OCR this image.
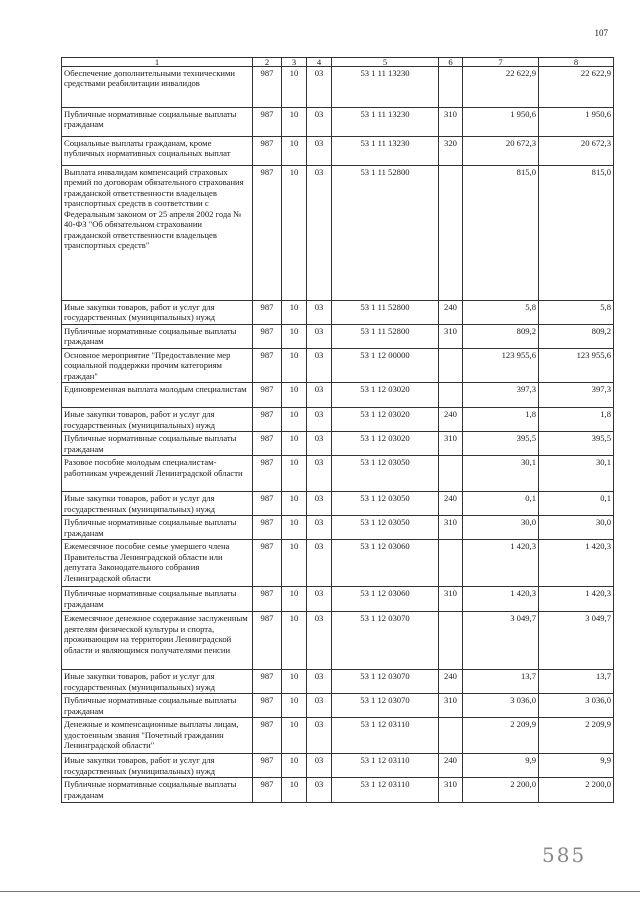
107
1	2	3	4	5	6	7	8
Обеспечение дополнительными техническими средствами реабилитации инвалидов	987	10	03	53 1 11 13230		22 622,9	22 622,9
Публичные нормативные социальные выплаты гражданам	987	10	03	53 1 11 13230	310	1 950,6	1 950,6
Социальные выплаты гражданам, кроме публичных нормативных социальных выплат	987	10	03	53 1 11 13230	320	20 672,3	20 672,3
Выплата инвалидам компенсаций страховых премий по договорам обязательного страхования гражданской ответственности владельцев транспортных средств в соответствии с Федеральным законом от 25 апреля 2002 года № 40-ФЗ "Об обязательном страховании гражданской ответственности владельцев транспортных средств"	987	10	03	53 1 11 52800		815,0	815,0
Иные закупки товаров, работ и услуг для государственных (муниципальных) нужд	987	10	03	53 1 11 52800	240	5,8	5,8
Публичные нормативные социальные выплаты гражданам	987	10	03	53 1 11 52800	310	809,2	809,2
Основное мероприятие "Предоставление мер социальной поддержки прочим категориям граждан"	987	10	03	53 1 12 00000		123 955,6	123 955,6
Единовременная выплата молодым специалистам	987	10	03	53 1 12 03020		397,3	397,3
Иные закупки товаров, работ и услуг для государственных (муниципальных) нужд	987	10	03	53 1 12 03020	240	1,8	1,8
Публичные нормативные социальные выплаты гражданам	987	10	03	53 1 12 03020	310	395,5	395,5
Разовое пособие молодым специалистам-работникам учреждений Ленинградской области	987	10	03	53 1 12 03050		30,1	30,1
Иные закупки товаров, работ и услуг для государственных (муниципальных) нужд	987	10	03	53 1 12 03050	240	0,1	0,1
Публичные нормативные социальные выплаты гражданам	987	10	03	53 1 12 03050	310	30,0	30,0
Ежемесячное пособие семье умершего члена Правительства Ленинградской области или депутата Законодательного собрания Ленинградской области	987	10	03	53 1 12 03060		1 420,3	1 420,3
Публичные нормативные социальные выплаты гражданам	987	10	03	53 1 12 03060	310	1 420,3	1 420,3
Ежемесячное денежное содержание заслуженным деятелям физической культуры и спорта, проживающим на территории Ленинградской области и являющимся получателями пенсии	987	10	03	53 1 12 03070		3 049,7	3 049,7
Иные закупки товаров, работ и услуг для государственных (муниципальных) нужд	987	10	03	53 1 12 03070	240	13,7	13,7
Публичные нормативные социальные выплаты гражданам	987	10	03	53 1 12 03070	310	3 036,0	3 036,0
Денежные и компенсационные выплаты лицам, удостоенным звания "Почетный гражданин Ленинградской области"	987	10	03	53 1 12 03110		2 209,9	2 209,9
Иные закупки товаров, работ и услуг для государственных (муниципальных) нужд	987	10	03	53 1 12 03110	240	9,9	9,9
Публичные нормативные социальные выплаты гражданам	987	10	03	53 1 12 03110	310	2 200,0	2 200,0
585
